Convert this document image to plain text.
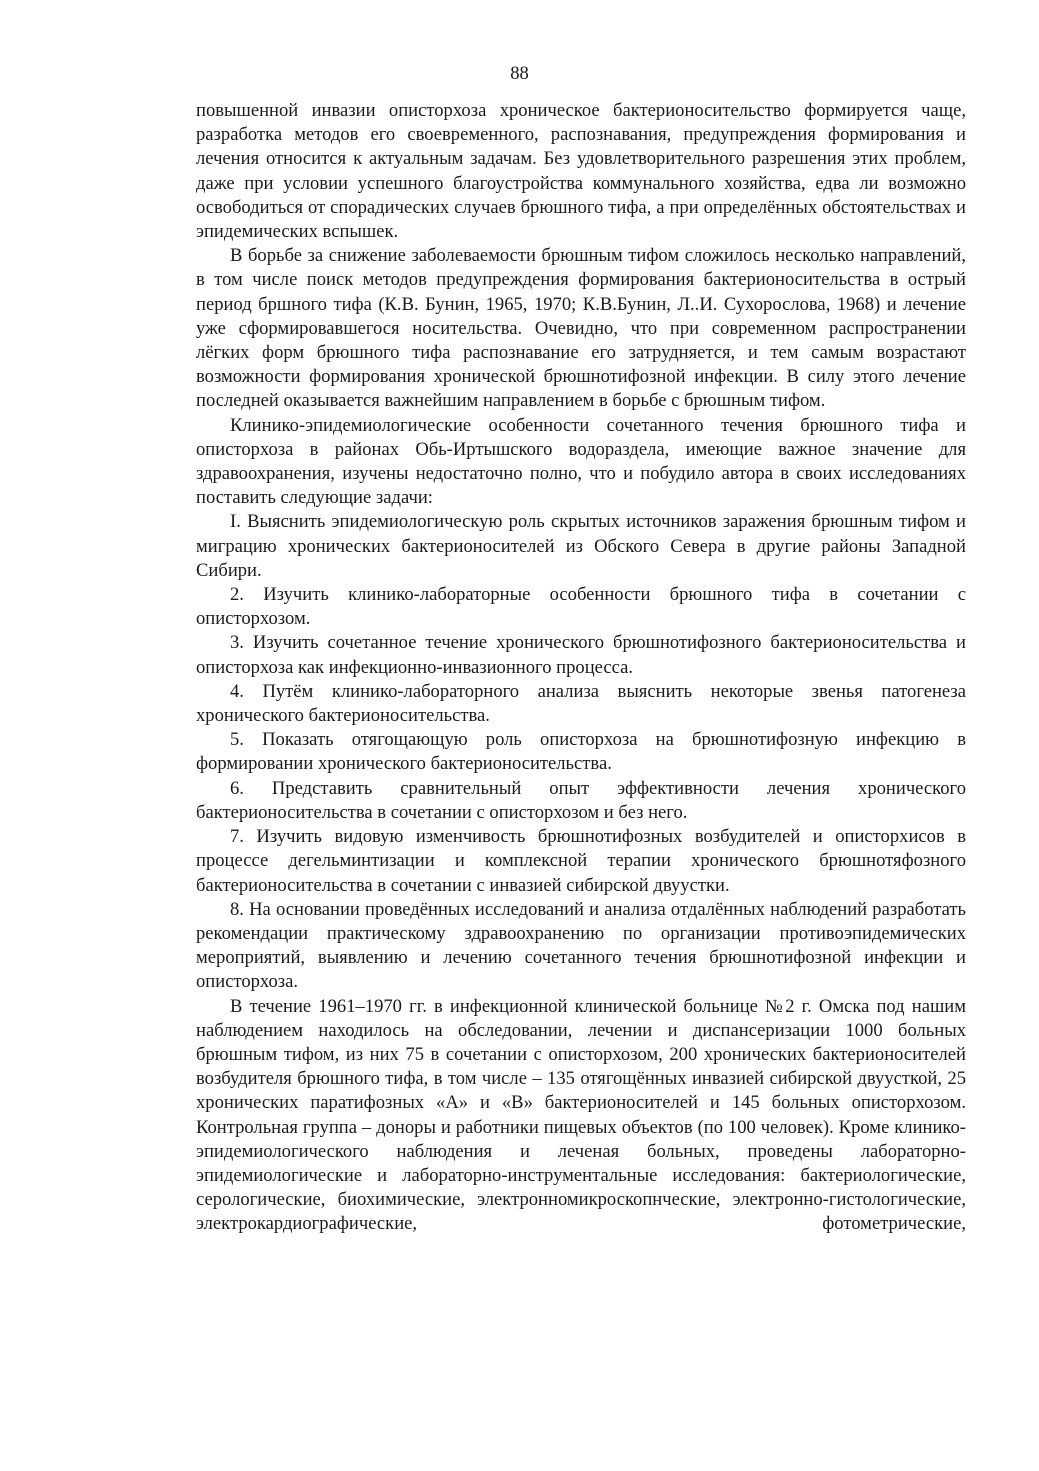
88

повышенной инвазии описторхоза хроническое бактерионосительство формируется чаще, разработка методов его своевременного, распознавания, предупреждения формирования и лечения относится к актуальным задачам. Без удовлетворительного разрешения этих проблем, даже при условии успешного благоустройства коммунального хозяйства, едва ли возможно освободиться от спорадических случаев брюшного тифа, а при определённых обстоятельствах и эпидемических вспышек.

В борьбе за снижение заболеваемости брюшным тифом сложилось несколько направлений, в том числе поиск методов предупреждения формирования бактерионосительства в острый период бршного тифа (К.В. Бунин, 1965, 1970; К.В.Бунин, Л..И. Сухорослова, 1968) и лечение уже сформировавшегося носительства. Очевидно, что при современном распространении лёгких форм брюшного тифа распознавание его затрудняется, и тем самым возрастают возможности формирования хронической брюшнотифозной инфекции. В силу этого лечение последней оказывается важнейшим направлением в борьбе с брюшным тифом.

Клинико-эпидемиологические особенности сочетанного течения брюшного тифа и описторхоза в районах Обь-Иртышского водораздела, имеющие важное значение для здравоохранения, изучены недостаточно полно, что и побудило автора в своих исследованиях поставить следующие задачи:

I. Выяснить эпидемиологическую роль скрытых источников заражения брюшным тифом и миграцию хронических бактерионосителей из Обского Севера в другие районы Западной Сибири.

2. Изучить клинико-лабораторные особенности брюшного тифа в сочетании с описторхозом.

3. Изучить сочетанное течение хронического брюшнотифозного бактерионосительства и описторхоза как инфекционно-инвазионного процесса.

4. Путём клинико-лабораторного анализа выяснить некоторые звенья патогенеза хронического бактерионосительства.

5. Показать отягощающую роль описторхоза на брюшнотифозную инфекцию в формировании хронического бактерионосительства.

6. Представить сравнительный опыт эффективности лечения хронического бактерионосительства в сочетании с описторхозом и без него.

7. Изучить видовую изменчивость брюшнотифозных возбудителей и описторхисов в процессе дегельминтизации и комплексной терапии хронического брюшнотяфозного бактерионосительства в сочетании с инвазией сибирской двуустки.

8. На основании проведённых исследований и анализа отдалённых наблюдений разработать рекомендации практическому здравоохранению по организации противоэпидемических мероприятий, выявлению и лечению сочетанного течения брюшнотифозной инфекции и описторхоза.

В течение 1961–1970 гг. в инфекционной клинической больнице №2 г. Омска под нашим наблюдением находилось на обследовании, лечении и диспансеризации 1000 больных брюшным тифом, из них 75 в сочетании с описторхозом, 200 хронических бактерионосителей возбудителя брюшного тифа, в том числе – 135 отягощённых инвазией сибирской двуусткой, 25 хронических паратифозных «А» и «В» бактерионосителей и 145 больных описторхозом. Контрольная группа – доноры и работники пищевых объектов (по 100 человек). Кроме клинико-эпидемиологического наблюдения и леченая больных, проведены лабораторно-эпидемиологические и лабораторно-инструментальные исследования: бактериологические, серологические, биохимические, электронномикроскопнческие, электронно-гистологические, электрокардиографические, фотометрические,
